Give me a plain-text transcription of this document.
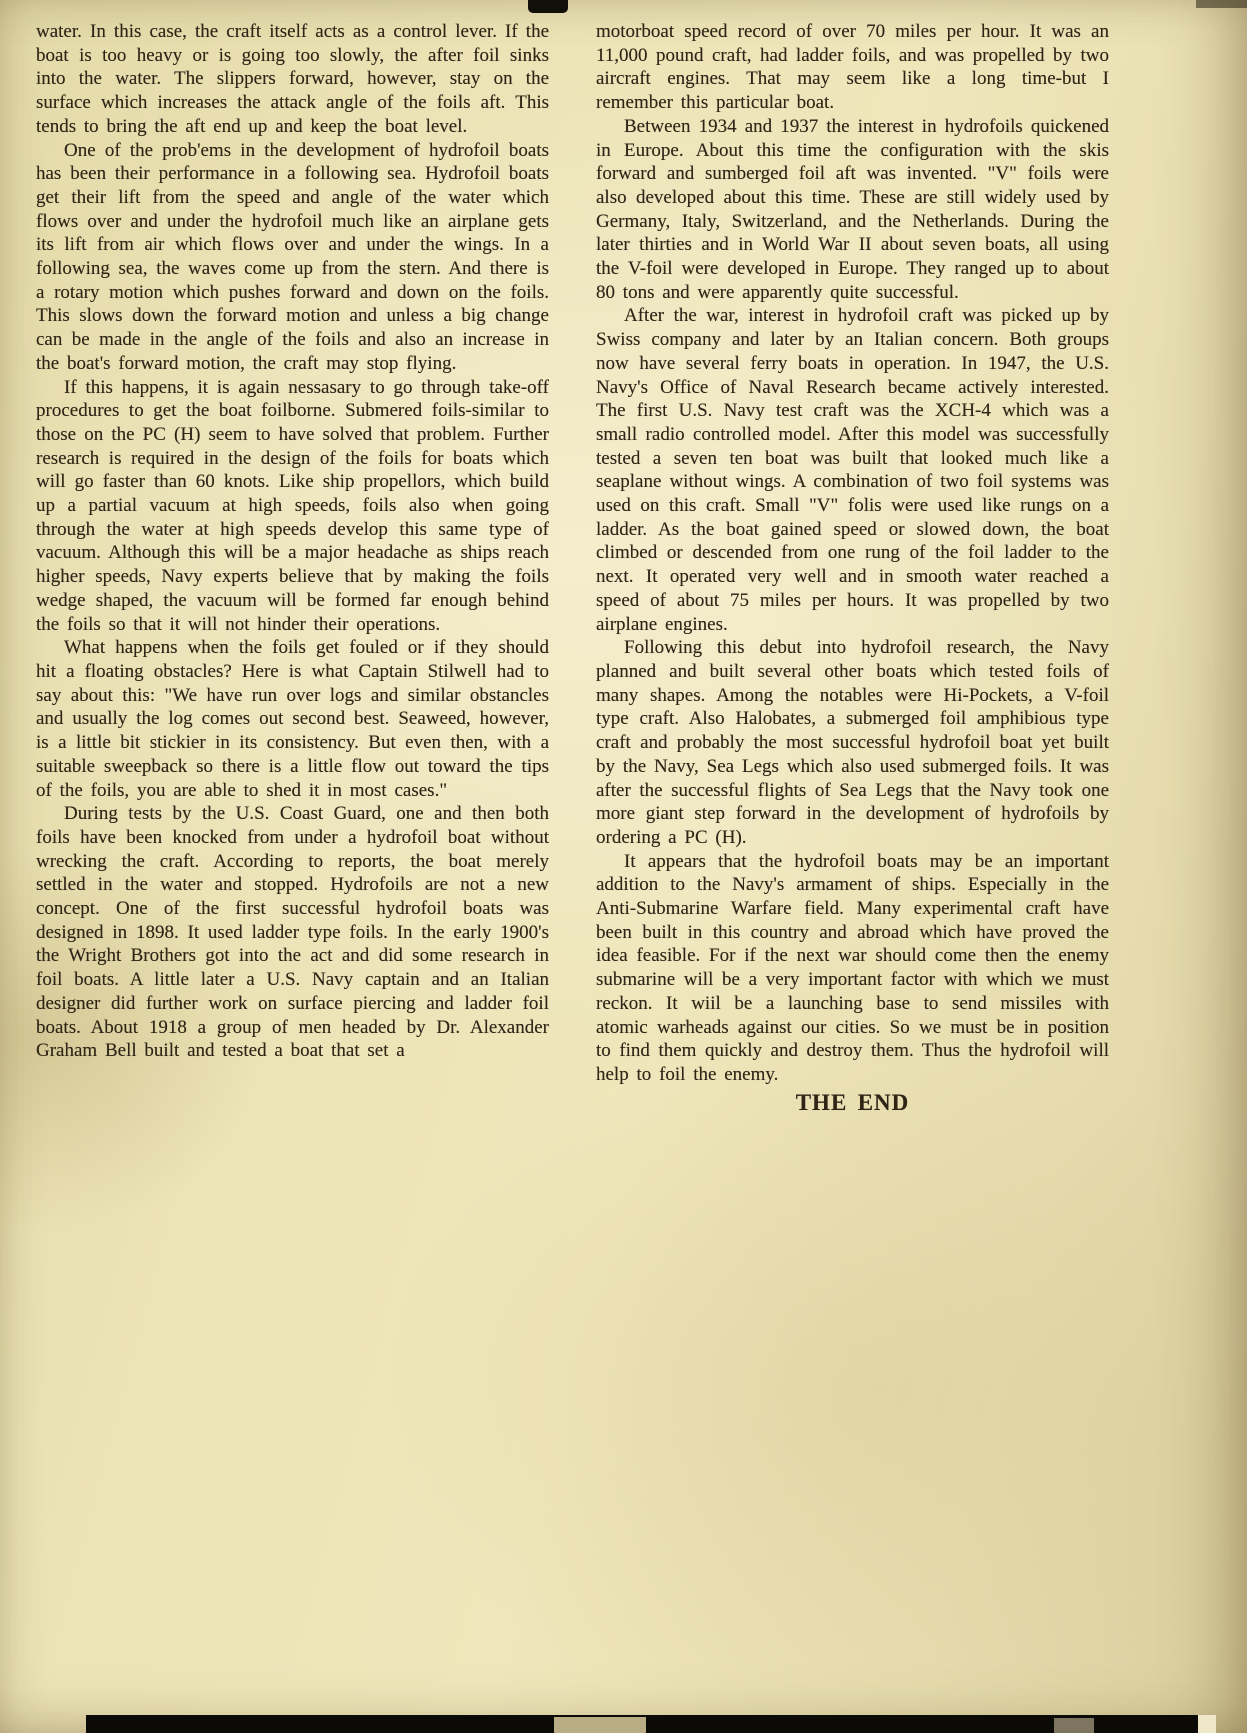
water. In this case, the craft itself acts as a control lever. If the boat is too heavy or is going too slowly, the after foil sinks into the water. The slippers forward, however, stay on the surface which increases the attack angle of the foils aft. This tends to bring the aft end up and keep the boat level.

One of the prob'ems in the development of hydrofoil boats has been their performance in a following sea. Hydrofoil boats get their lift from the speed and angle of the water which flows over and under the hydrofoil much like an airplane gets its lift from air which flows over and under the wings. In a following sea, the waves come up from the stern. And there is a rotary motion which pushes forward and down on the foils. This slows down the forward motion and unless a big change can be made in the angle of the foils and also an increase in the boat's forward motion, the craft may stop flying.

If this happens, it is again nessasary to go through take-off procedures to get the boat foilborne. Submered foils-similar to those on the PC (H) seem to have solved that problem. Further research is required in the design of the foils for boats which will go faster than 60 knots. Like ship propellors, which build up a partial vacuum at high speeds, foils also when going through the water at high speeds develop this same type of vacuum. Although this will be a major headache as ships reach higher speeds, Navy experts believe that by making the foils wedge shaped, the vacuum will be formed far enough behind the foils so that it will not hinder their operations.

What happens when the foils get fouled or if they should hit a floating obstacles? Here is what Captain Stilwell had to say about this: "We have run over logs and similar obstancles and usually the log comes out second best. Seaweed, however, is a little bit stickier in its consistency. But even then, with a suitable sweepback so there is a little flow out toward the tips of the foils, you are able to shed it in most cases."

During tests by the U.S. Coast Guard, one and then both foils have been knocked from under a hydrofoil boat without wrecking the craft. According to reports, the boat merely settled in the water and stopped. Hydrofoils are not a new concept. One of the first successful hydrofoil boats was designed in 1898. It used ladder type foils. In the early 1900's the Wright Brothers got into the act and did some research in foil boats. A little later a U.S. Navy captain and an Italian designer did further work on surface piercing and ladder foil boats. About 1918 a group of men headed by Dr. Alexander Graham Bell built and tested a boat that set a

motorboat speed record of over 70 miles per hour. It was an 11,000 pound craft, had ladder foils, and was propelled by two aircraft engines. That may seem like a long time-but I remember this particular boat.

Between 1934 and 1937 the interest in hydrofoils quickened in Europe. About this time the configuration with the skis forward and sumberged foil aft was invented. "V" foils were also developed about this time. These are still widely used by Germany, Italy, Switzerland, and the Netherlands. During the later thirties and in World War II about seven boats, all using the V-foil were developed in Europe. They ranged up to about 80 tons and were apparently quite successful.

After the war, interest in hydrofoil craft was picked up by Swiss company and later by an Italian concern. Both groups now have several ferry boats in operation. In 1947, the U.S. Navy's Office of Naval Research became actively interested. The first U.S. Navy test craft was the XCH-4 which was a small radio controlled model. After this model was successfully tested a seven ten boat was built that looked much like a seaplane without wings. A combination of two foil systems was used on this craft. Small "V" folis were used like rungs on a ladder. As the boat gained speed or slowed down, the boat climbed or descended from one rung of the foil ladder to the next. It operated very well and in smooth water reached a speed of about 75 miles per hours. It was propelled by two airplane engines.

Following this debut into hydrofoil research, the Navy planned and built several other boats which tested foils of many shapes. Among the notables were Hi-Pockets, a V-foil type craft. Also Halobates, a submerged foil amphibious type craft and probably the most successful hydrofoil boat yet built by the Navy, Sea Legs which also used submerged foils. It was after the successful flights of Sea Legs that the Navy took one more giant step forward in the development of hydrofoils by ordering a PC (H).

It appears that the hydrofoil boats may be an important addition to the Navy's armament of ships. Especially in the Anti-Submarine Warfare field. Many experimental craft have been built in this country and abroad which have proved the idea feasible. For if the next war should come then the enemy submarine will be a very important factor with which we must reckon. It wiil be a launching base to send missiles with atomic warheads against our cities. So we must be in position to find them quickly and destroy them. Thus the hydrofoil will help to foil the enemy.

THE END
